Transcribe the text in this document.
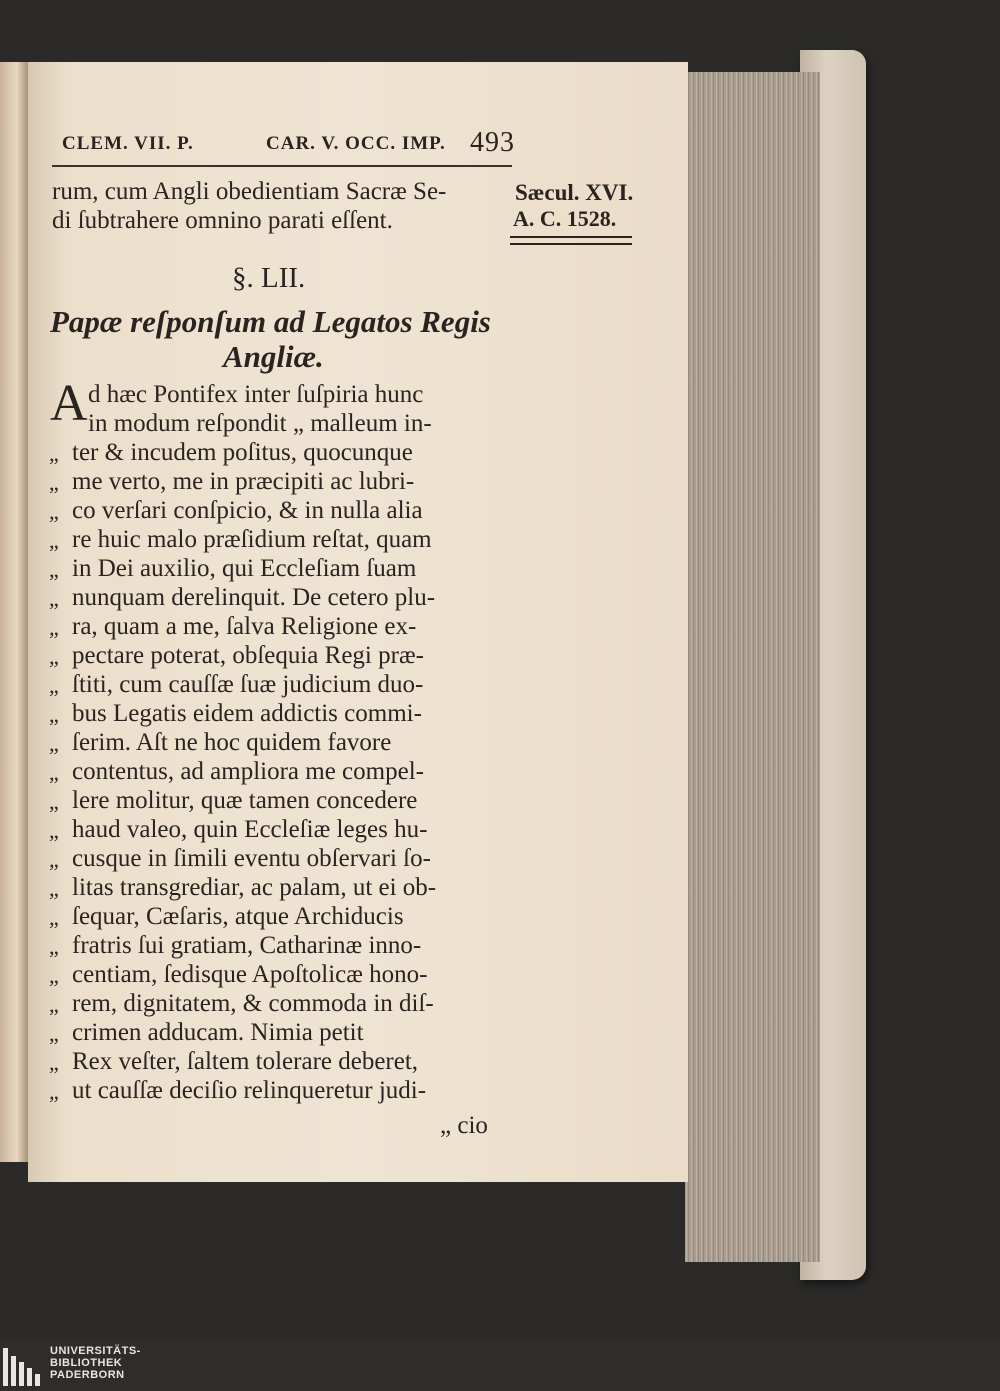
CLEM. VII. P.	CAR. V. OCC. IMP. 493
rum, cum Angli obedientiam Sacræ Se-
di ſubtrahere omnino parati eſſent.
Sæcul. XVI.
A. C. 1528.
§. LII.
Papæ reſponſum ad Legatos Regis
Angliæ.
A d hæc Pontifex inter ſuſpiria hunc
in modum reſpondit „ malleum in-
„ ter & incudem poſitus, quocunque
„ me verto, me in præcipiti ac lubri-
„ co verſari conſpicio, & in nulla alia
„ re huic malo præſidium reſtat, quam
„ in Dei auxilio, qui Eccleſiam ſuam
„ nunquam derelinquit. De cetero plu-
„ ra, quam a me, ſalva Religione ex-
„ pectare poterat, obſequia Regi præ-
„ ſtiti, cum cauſſæ ſuæ judicium duo-
„ bus Legatis eidem addictis commi-
„ ſerim. Aſt ne hoc quidem favore
„ contentus, ad ampliora me compel-
„ lere molitur, quæ tamen concedere
„ haud valeo, quin Eccleſiæ leges hu-
„ cusque in ſimili eventu obſervari ſo-
„ litas transgrediar, ac palam, ut ei ob-
„ ſequar, Cæſaris, atque Archiducis
„ fratris ſui gratiam, Catharinæ inno-
„ centiam, ſedisque Apoſtolicæ hono-
„ rem, dignitatem, & commoda in diſ-
„ crimen adducam. Nimia petit
„ Rex veſter, ſaltem tolerare deberet,
„ ut cauſſæ deciſio relinqueretur judi-
„ cio
UNIVERSITÄTS-
BIBLIOTHEK
PADERBORN
